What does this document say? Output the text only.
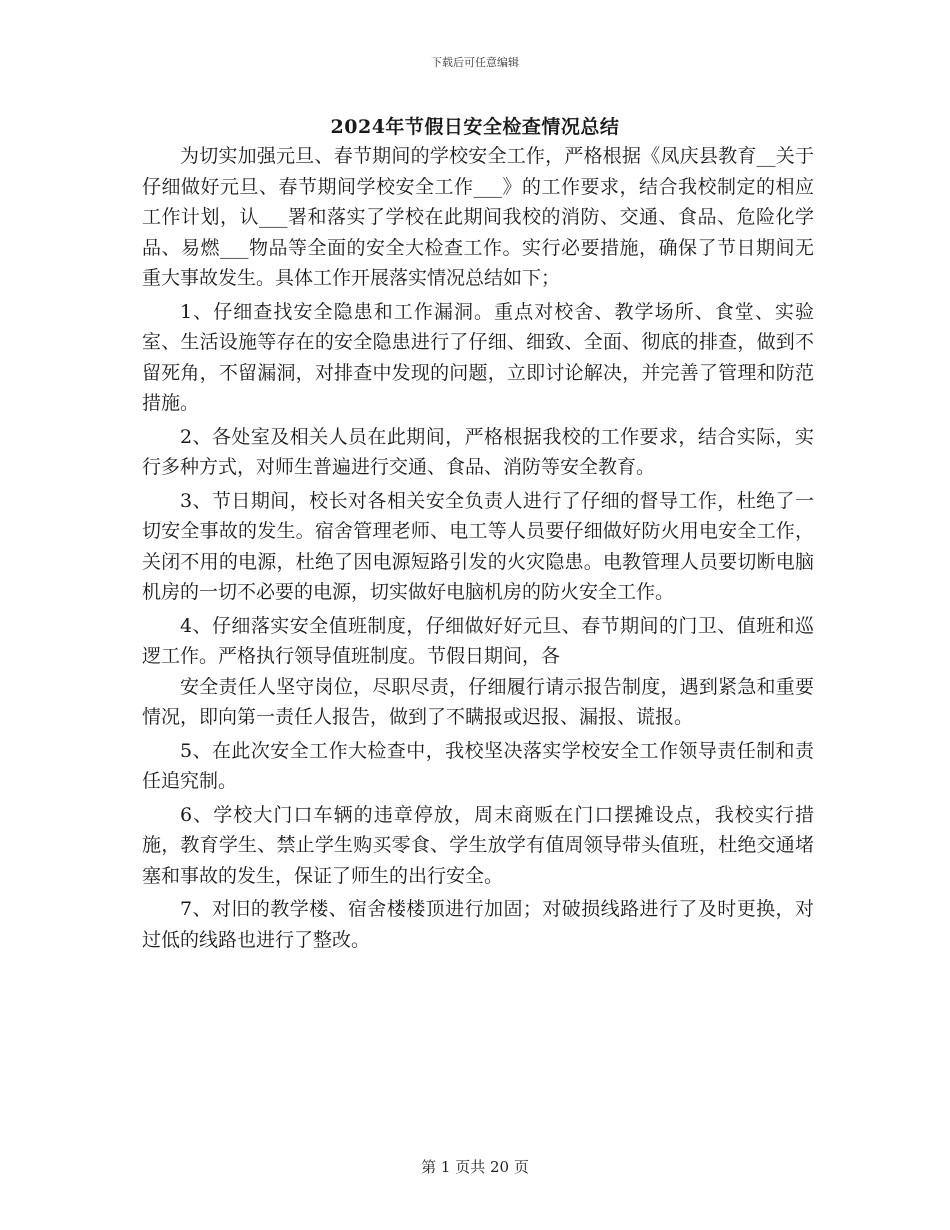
下载后可任意编辑
2024年节假日安全检查情况总结

为切实加强元旦、春节期间的学校安全工作，严格根据《凤庆县教育__关于仔细做好元旦、春节期间学校安全工作___》的工作要求，结合我校制定的相应工作计划，认___署和落实了学校在此期间我校的消防、交通、食品、危险化学品、易燃___物品等全面的安全大检查工作。实行必要措施，确保了节日期间无重大事故发生。具体工作开展落实情况总结如下；

1、仔细查找安全隐患和工作漏洞。重点对校舍、教学场所、食堂、实验室、生活设施等存在的安全隐患进行了仔细、细致、全面、彻底的排查，做到不留死角，不留漏洞，对排查中发现的问题，立即讨论解决，并完善了管理和防范措施。

2、各处室及相关人员在此期间，严格根据我校的工作要求，结合实际，实行多种方式，对师生普遍进行交通、食品、消防等安全教育。

3、节日期间，校长对各相关安全负责人进行了仔细的督导工作，杜绝了一切安全事故的发生。宿舍管理老师、电工等人员要仔细做好防火用电安全工作，关闭不用的电源，杜绝了因电源短路引发的火灾隐患。电教管理人员要切断电脑机房的一切不必要的电源，切实做好电脑机房的防火安全工作。

4、仔细落实安全值班制度，仔细做好好元旦、春节期间的门卫、值班和巡逻工作。严格执行领导值班制度。节假日期间，各

安全责任人坚守岗位，尽职尽责，仔细履行请示报告制度，遇到紧急和重要情况，即向第一责任人报告，做到了不瞒报或迟报、漏报、谎报。

5、在此次安全工作大检查中，我校坚决落实学校安全工作领导责任制和责任追究制。

6、学校大门口车辆的违章停放，周末商贩在门口摆摊设点，我校实行措施，教育学生、禁止学生购买零食、学生放学有值周领导带头值班，杜绝交通堵塞和事故的发生，保证了师生的出行安全。

7、对旧的教学楼、宿舍楼楼顶进行加固；对破损线路进行了及时更换，对过低的线路也进行了整改。

第 1 页共 20 页
